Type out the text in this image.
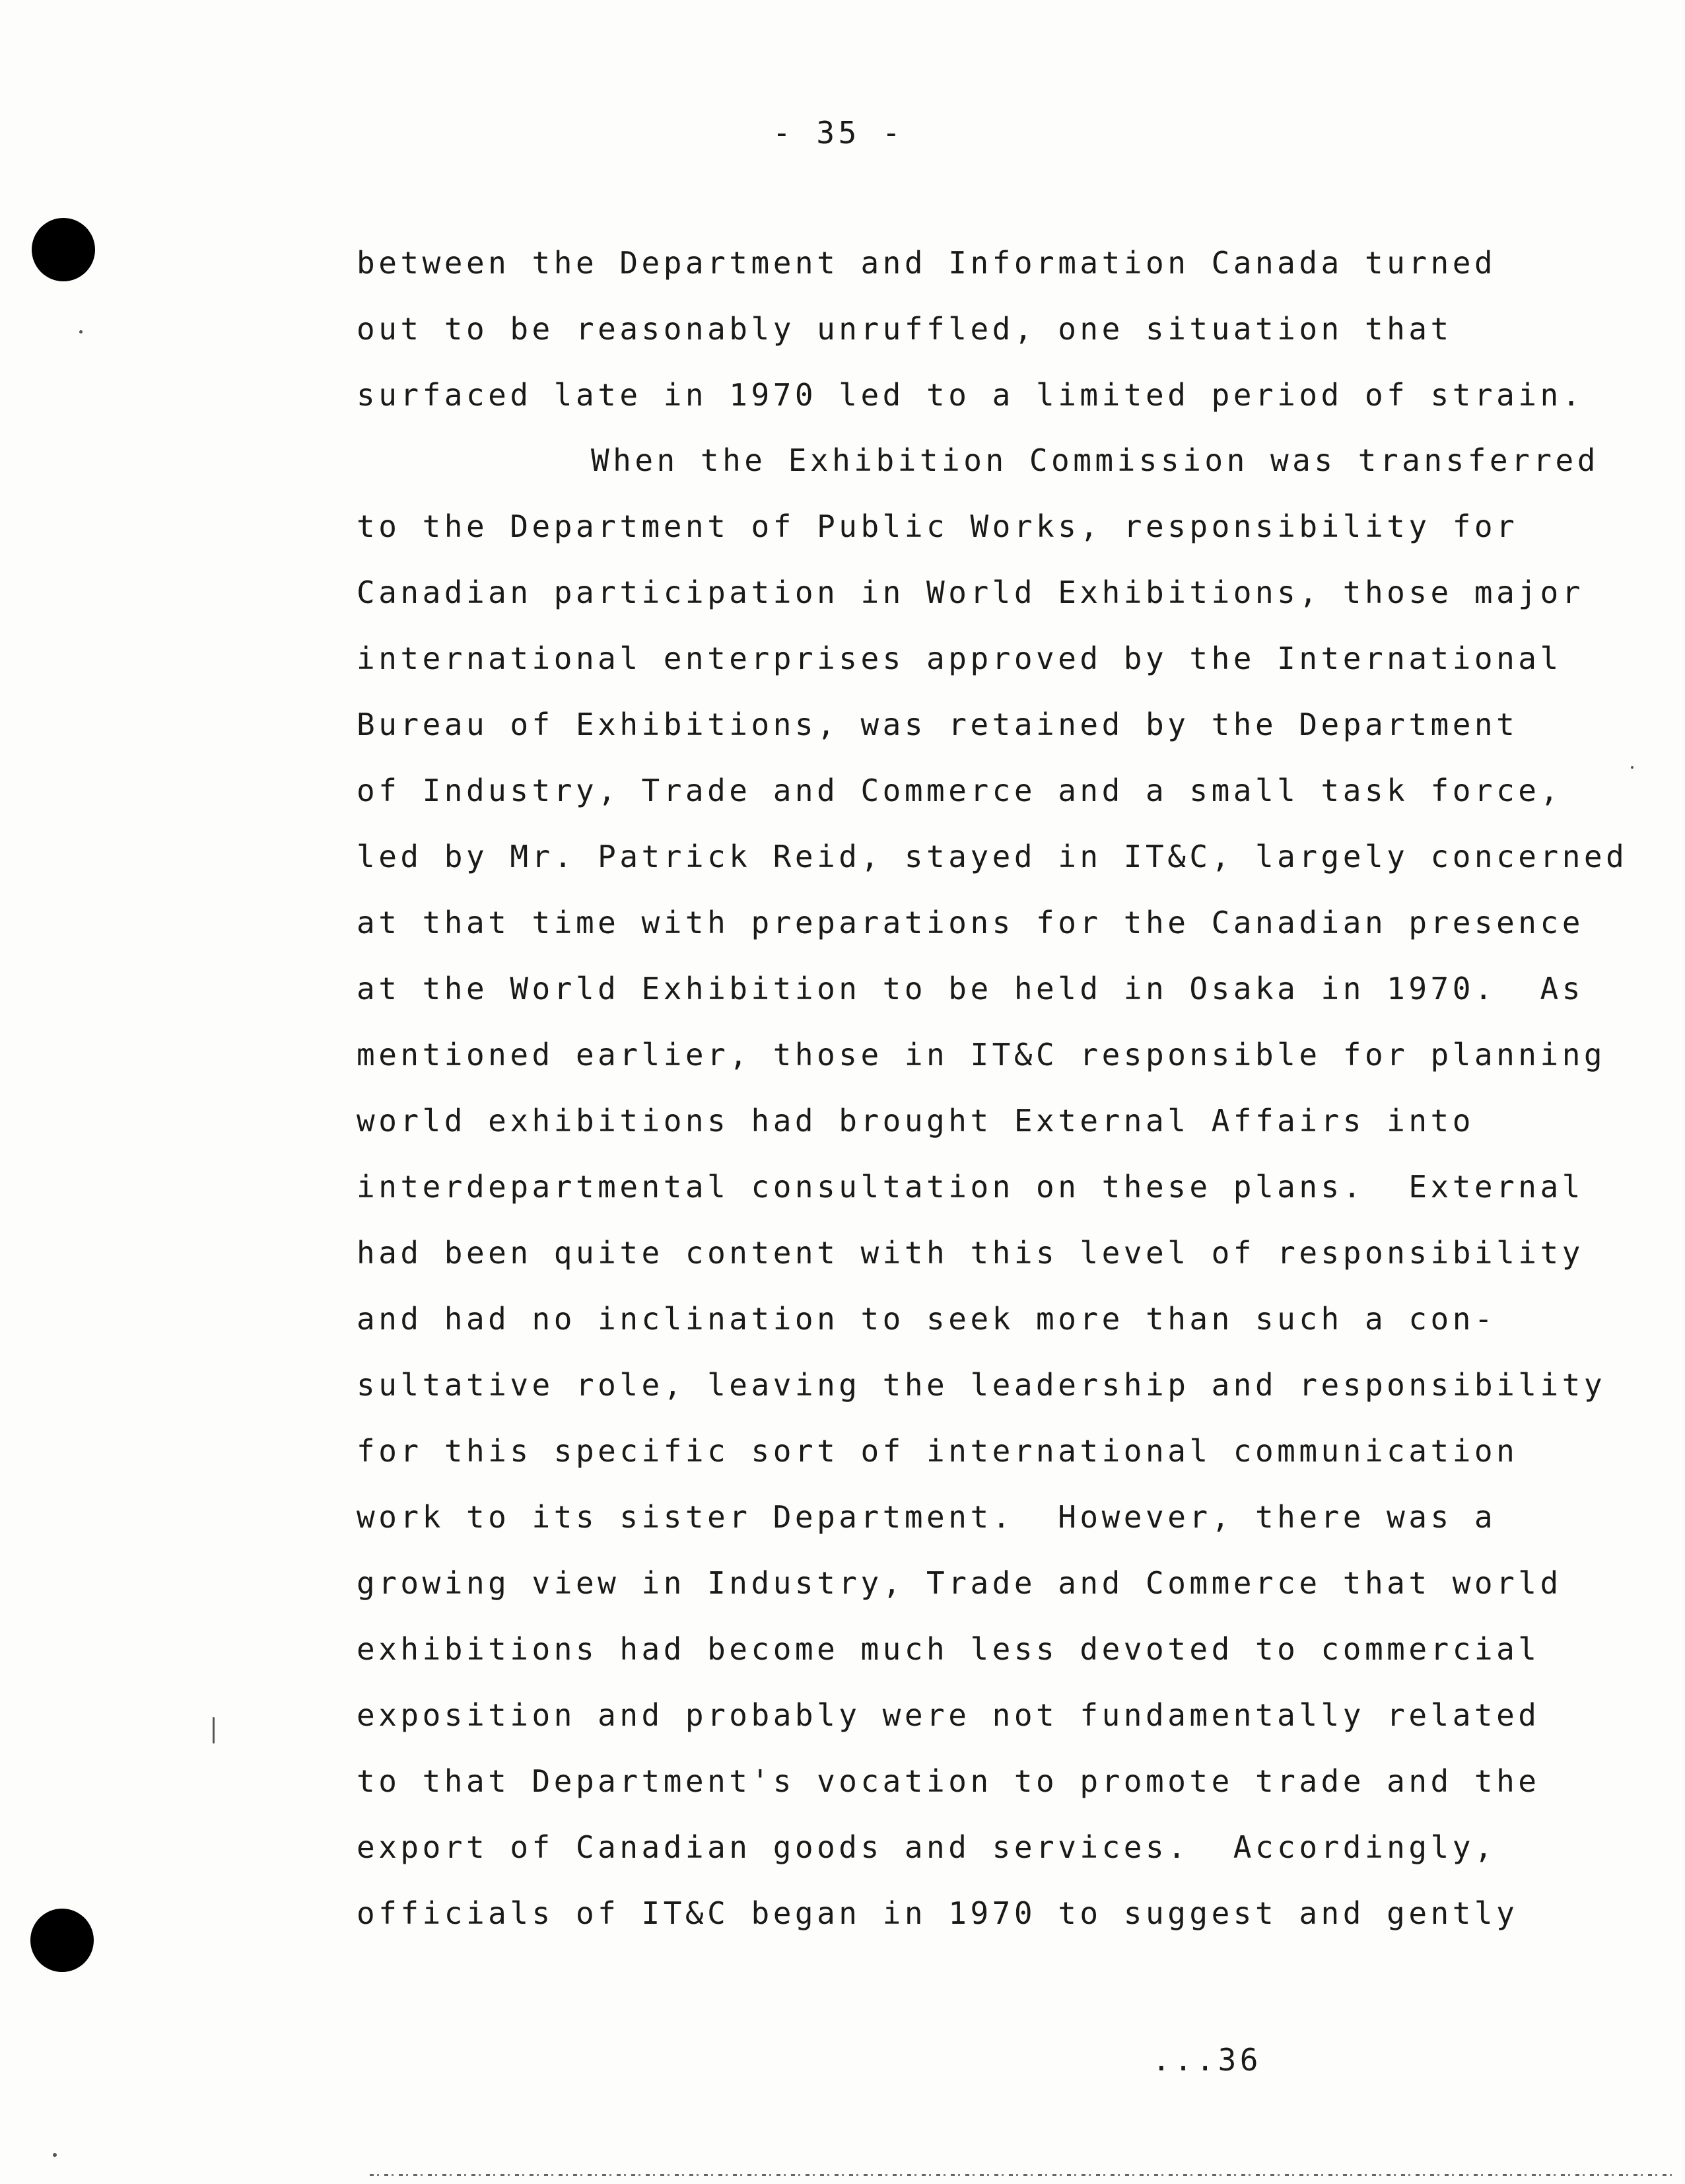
- 35 -
between the Department and Information Canada turned
out to be reasonably unruffled, one situation that
surfaced late in 1970 led to a limited period of strain.
When the Exhibition Commission was transferred
to the Department of Public Works, responsibility for
Canadian participation in World Exhibitions, those major
international enterprises approved by the International
Bureau of Exhibitions, was retained by the Department
of Industry, Trade and Commerce and a small task force,
led by Mr. Patrick Reid, stayed in IT&C, largely concerned
at that time with preparations for the Canadian presence
at the World Exhibition to be held in Osaka in 1970.  As
mentioned earlier, those in IT&C responsible for planning
world exhibitions had brought External Affairs into
interdepartmental consultation on these plans.  External
had been quite content with this level of responsibility
and had no inclination to seek more than such a con-
sultative role, leaving the leadership and responsibility
for this specific sort of international communication
work to its sister Department.  However, there was a
growing view in Industry, Trade and Commerce that world
exhibitions had become much less devoted to commercial
exposition and probably were not fundamentally related
to that Department's vocation to promote trade and the
export of Canadian goods and services.  Accordingly,
officials of IT&C began in 1970 to suggest and gently
...36
